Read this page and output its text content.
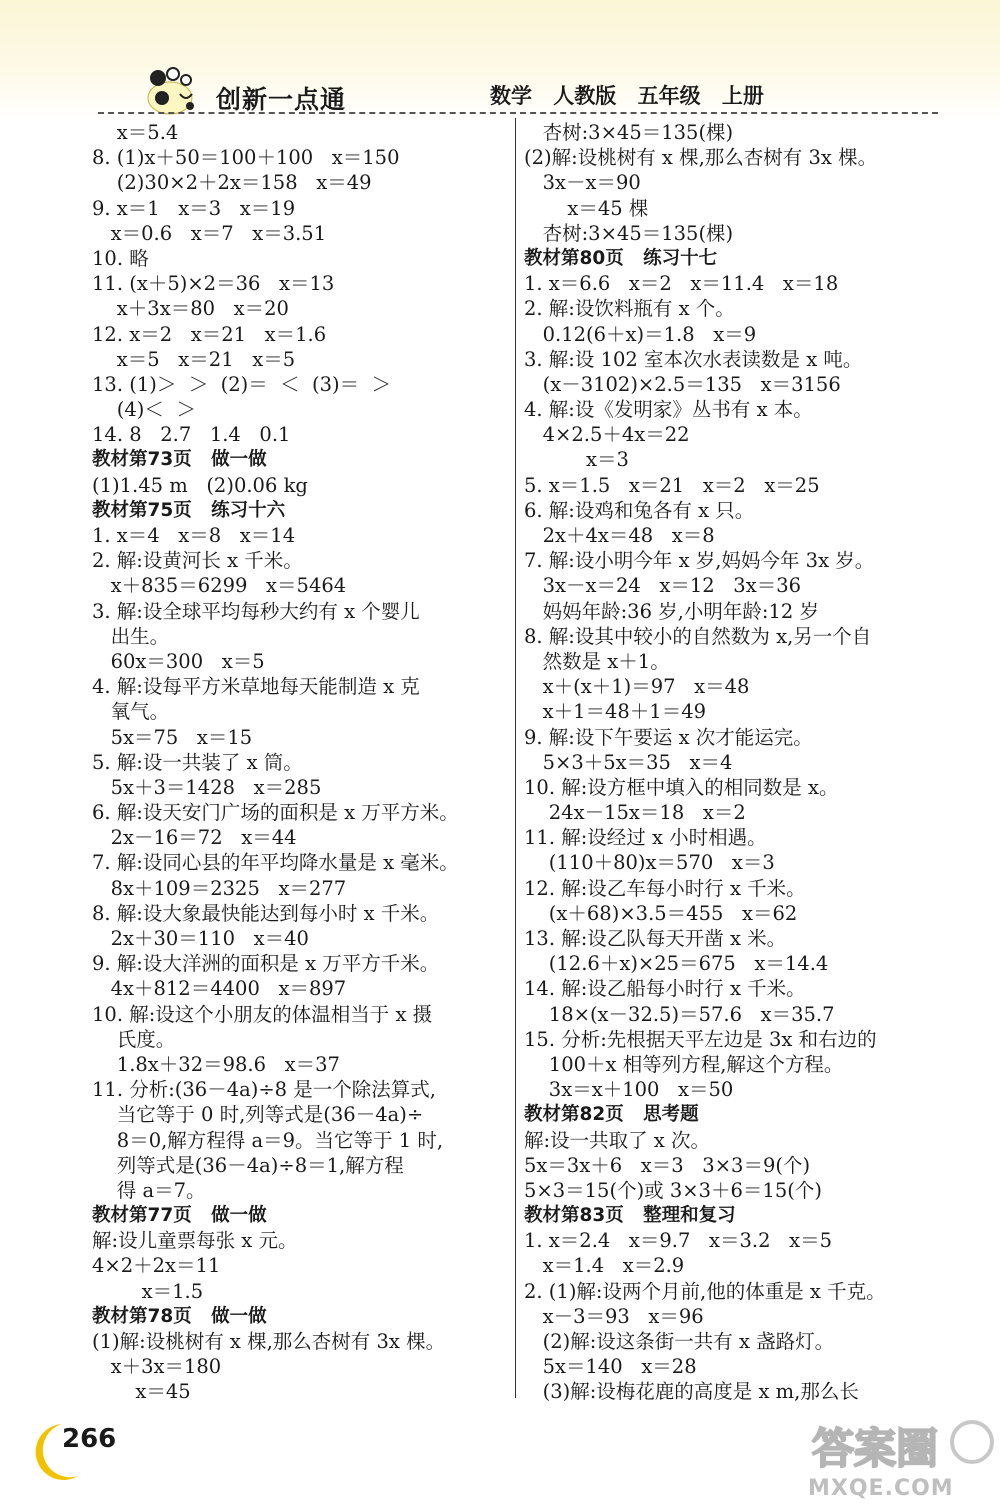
创新一点通	数学 人教版 五年级 上册
x＝5.4
8. (1)x＋50＝100＋100   x＝150
(2)30×2＋2x＝158   x＝49
9. x＝1   x＝3   x＝19
x＝0.6   x＝7   x＝3.51
10. 略
11. (x＋5)×2＝36   x＝13
x＋3x＝80   x＝20
12. x＝2   x＝21   x＝1.6
x＝5   x＝21   x＝5
13. (1)＞  ＞  (2)＝  ＜  (3)＝  ＞
(4)＜  ＞
14. 8   2.7   1.4   0.1
教材第73页   做一做
(1)1.45 m   (2)0.06 kg
教材第75页   练习十六
1. x＝4   x＝8   x＝14
2. 解:设黄河长 x 千米。
x＋835＝6299   x＝5464
3. 解:设全球平均每秒大约有 x 个婴儿
出生。
60x＝300   x＝5
4. 解:设每平方米草地每天能制造 x 克
氧气。
5x＝75   x＝15
5. 解:设一共装了 x 筒。
5x＋3＝1428   x＝285
6. 解:设天安门广场的面积是 x 万平方米。
2x－16＝72   x＝44
7. 解:设同心县的年平均降水量是 x 毫米。
8x＋109＝2325   x＝277
8. 解:设大象最快能达到每小时 x 千米。
2x＋30＝110   x＝40
9. 解:设大洋洲的面积是 x 万平方千米。
4x＋812＝4400   x＝897
10. 解:设这个小朋友的体温相当于 x 摄
氏度。
1.8x＋32＝98.6   x＝37
11. 分析:(36－4a)÷8 是一个除法算式,
当它等于 0 时,列等式是(36－4a)÷
8＝0,解方程得 a＝9。当它等于 1 时,
列等式是(36－4a)÷8＝1,解方程
得 a＝7。
教材第77页   做一做
解:设儿童票每张 x 元。
4×2＋2x＝11
x＝1.5
教材第78页   做一做
(1)解:设桃树有 x 棵,那么杏树有 3x 棵。
x＋3x＝180
x＝45
杏树:3×45＝135(棵)
(2)解:设桃树有 x 棵,那么杏树有 3x 棵。
3x－x＝90
x＝45 棵
杏树:3×45＝135(棵)
教材第80页   练习十七
1. x＝6.6   x＝2   x＝11.4   x＝18
2. 解:设饮料瓶有 x 个。
0.12(6＋x)＝1.8   x＝9
3. 解:设 102 室本次水表读数是 x 吨。
(x－3102)×2.5＝135   x＝3156
4. 解:设《发明家》丛书有 x 本。
4×2.5＋4x＝22
x＝3
5. x＝1.5   x＝21   x＝2   x＝25
6. 解:设鸡和兔各有 x 只。
2x＋4x＝48   x＝8
7. 解:设小明今年 x 岁,妈妈今年 3x 岁。
3x－x＝24   x＝12   3x＝36
妈妈年龄:36 岁,小明年龄:12 岁
8. 解:设其中较小的自然数为 x,另一个自
然数是 x＋1。
x＋(x＋1)＝97   x＝48
x＋1＝48＋1＝49
9. 解:设下午要运 x 次才能运完。
5×3＋5x＝35   x＝4
10. 解:设方框中填入的相同数是 x。
24x－15x＝18   x＝2
11. 解:设经过 x 小时相遇。
(110＋80)x＝570   x＝3
12. 解:设乙车每小时行 x 千米。
(x＋68)×3.5＝455   x＝62
13. 解:设乙队每天开凿 x 米。
(12.6＋x)×25＝675   x＝14.4
14. 解:设乙船每小时行 x 千米。
18×(x－32.5)＝57.6   x＝35.7
15. 分析:先根据天平左边是 3x 和右边的
100＋x 相等列方程,解这个方程。
3x＝x＋100   x＝50
教材第82页   思考题
解:设一共取了 x 次。
5x＝3x＋6   x＝3   3×3＝9(个)
5×3＝15(个)或 3×3＋6＝15(个)
教材第83页   整理和复习
1. x＝2.4   x＝9.7   x＝3.2   x＝5
x＝1.4   x＝2.9
2. (1)解:设两个月前,他的体重是 x 千克。
x－3＝93   x＝96
(2)解:设这条街一共有 x 盏路灯。
5x＝140   x＝28
(3)解:设梅花鹿的高度是 x m,那么长
266	答案圈
MXQE.COM
